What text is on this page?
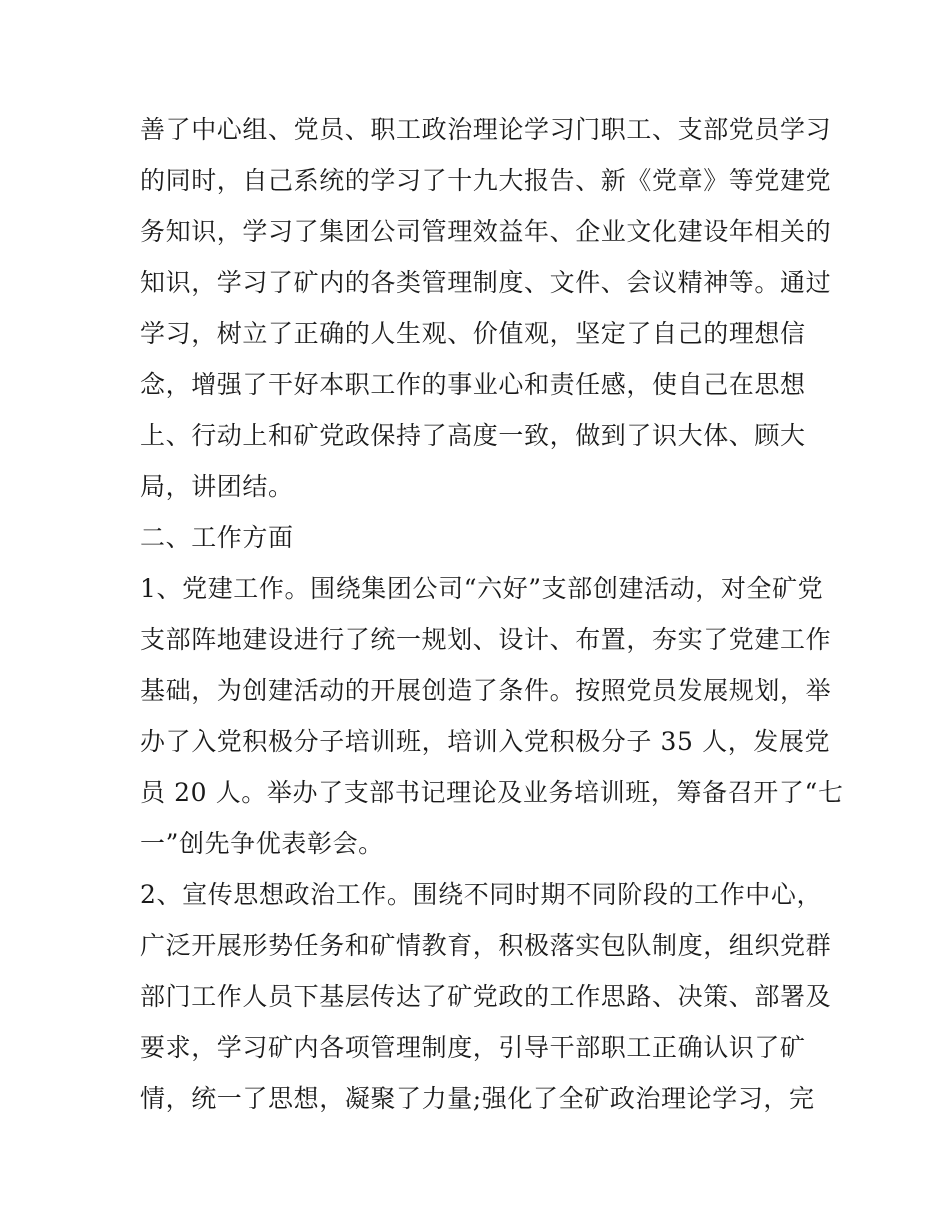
善了中心组、党员、职工政治理论学习门职工、支部党员学习
的同时，自己系统的学习了十九大报告、新《党章》等党建党
务知识，学习了集团公司管理效益年、企业文化建设年相关的
知识，学习了矿内的各类管理制度、文件、会议精神等。通过
学习，树立了正确的人生观、价值观，坚定了自己的理想信
念，增强了干好本职工作的事业心和责任感，使自己在思想
上、行动上和矿党政保持了高度一致，做到了识大体、顾大
局，讲团结。
二、工作方面
1、党建工作。围绕集团公司“六好”支部创建活动，对全矿党
支部阵地建设进行了统一规划、设计、布置，夯实了党建工作
基础，为创建活动的开展创造了条件。按照党员发展规划，举
办了入党积极分子培训班，培训入党积极分子 35 人，发展党
员 20 人。举办了支部书记理论及业务培训班，筹备召开了“七
一”创先争优表彰会。
2、宣传思想政治工作。围绕不同时期不同阶段的工作中心，
广泛开展形势任务和矿情教育，积极落实包队制度，组织党群
部门工作人员下基层传达了矿党政的工作思路、决策、部署及
要求，学习矿内各项管理制度，引导干部职工正确认识了矿
情，统一了思想，凝聚了力量;强化了全矿政治理论学习，完
